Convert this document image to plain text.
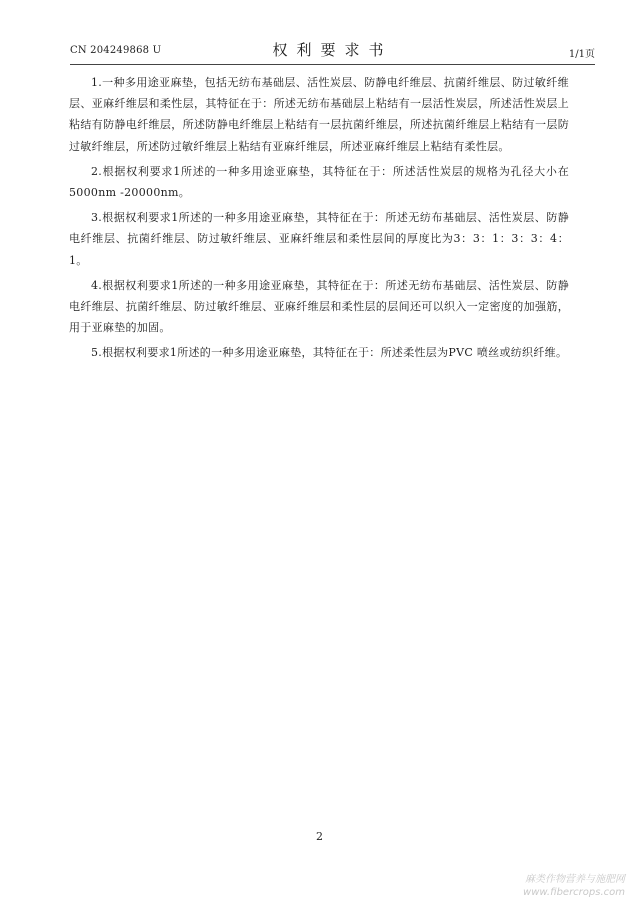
CN 204249868 U	权利要求书	1/1页

1.一种多用途亚麻垫，包括无纺布基础层、活性炭层、防静电纤维层、抗菌纤维层、防过敏纤维层、亚麻纤维层和柔性层，其特征在于：所述无纺布基础层上粘结有一层活性炭层，所述活性炭层上粘结有防静电纤维层，所述防静电纤维层上粘结有一层抗菌纤维层，所述抗菌纤维层上粘结有一层防过敏纤维层，所述防过敏纤维层上粘结有亚麻纤维层，所述亚麻纤维层上粘结有柔性层。

2.根据权利要求1所述的一种多用途亚麻垫，其特征在于：所述活性炭层的规格为孔径大小在5000nm -20000nm。

3.根据权利要求1所述的一种多用途亚麻垫，其特征在于：所述无纺布基础层、活性炭层、防静电纤维层、抗菌纤维层、防过敏纤维层、亚麻纤维层和柔性层间的厚度比为3：3：1：3：3：4：1。

4.根据权利要求1所述的一种多用途亚麻垫，其特征在于：所述无纺布基础层、活性炭层、防静电纤维层、抗菌纤维层、防过敏纤维层、亚麻纤维层和柔性层的层间还可以织入一定密度的加强筋，用于亚麻垫的加固。

5.根据权利要求1所述的一种多用途亚麻垫，其特征在于：所述柔性层为PVC 喷丝或纺织纤维。

2
麻类作物营养与施肥网
www.fibercrops.com
